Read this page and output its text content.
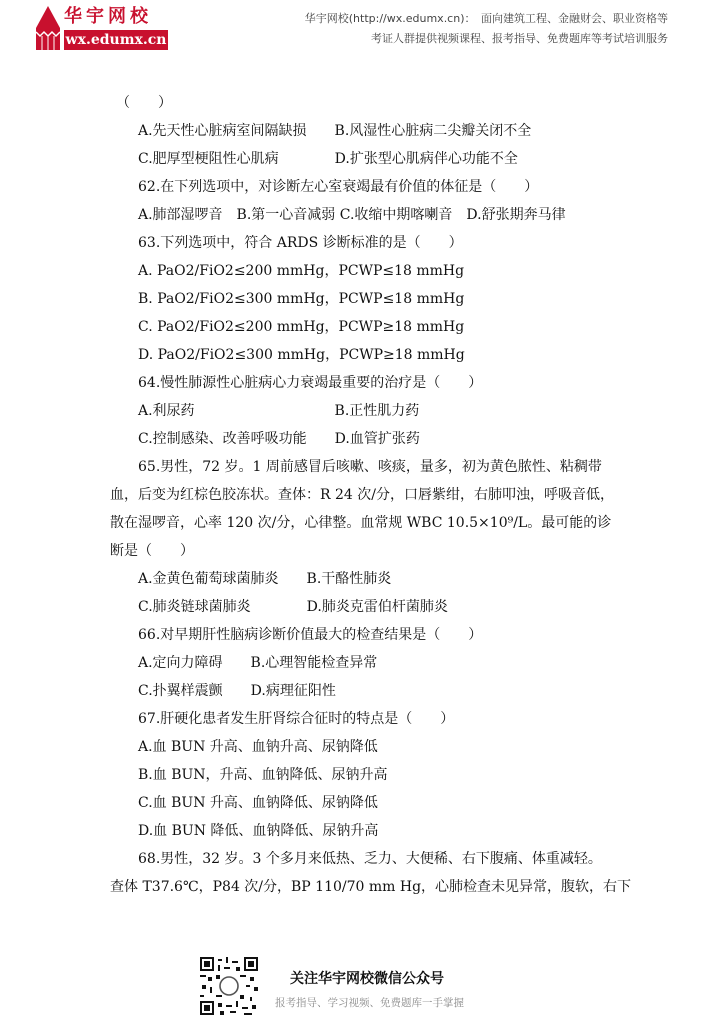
华宇网校
wx.edumx.cn
华宇网校(http://wx.edumx.cn)：　面向建筑工程、金融财会、职业资格等
考证人群提供视频课程、报考指导、免费题库等考试培训服务
（　　）
A.先天性心脏病室间隔缺损　　B.风湿性心脏病二尖瓣关闭不全
C.肥厚型梗阻性心肌病　　　　D.扩张型心肌病伴心功能不全
62.在下列选项中，对诊断左心室衰竭最有价值的体征是（　　）
A.肺部湿啰音　B.第一心音减弱 C.收缩中期喀喇音　D.舒张期奔马律
63.下列选项中，符合 ARDS 诊断标准的是（　　）
A. PaO2/FiO2≤200 mmHg，PCWP≤18 mmHg
B. PaO2/FiO2≤300 mmHg，PCWP≤18 mmHg
C. PaO2/FiO2≤200 mmHg，PCWP≥18 mmHg
D. PaO2/FiO2≤300 mmHg，PCWP≥18 mmHg
64.慢性肺源性心脏病心力衰竭最重要的治疗是（　　）
A.利尿药　　　　　　　　　　B.正性肌力药
C.控制感染、改善呼吸功能　　D.血管扩张药
65.男性，72 岁。1 周前感冒后咳嗽、咳痰，量多，初为黄色脓性、粘稠带
血，后变为红棕色胶冻状。查体：R 24 次/分，口唇紫绀，右肺叩浊，呼吸音低，
散在湿啰音，心率 120 次/分，心律整。血常规 WBC 10.5×10⁹/L。最可能的诊
断是（　　）
A.金黄色葡萄球菌肺炎　　B.干酪性肺炎
C.肺炎链球菌肺炎　　　　D.肺炎克雷伯杆菌肺炎
66.对早期肝性脑病诊断价值最大的检查结果是（　　）
A.定向力障碍　　B.心理智能检查异常
C.扑翼样震颤　　D.病理征阳性
67.肝硬化患者发生肝肾综合征时的特点是（　　）
A.血 BUN 升高、血钠升高、尿钠降低
B.血 BUN，升高、血钠降低、尿钠升高
C.血 BUN 升高、血钠降低、尿钠降低
D.血 BUN 降低、血钠降低、尿钠升高
68.男性，32 岁。3 个多月来低热、乏力、大便稀、右下腹痛、体重减轻。
查体 T37.6℃，P84 次/分，BP 110/70 mm Hg，心肺检查未见异常，腹软，右下
关注华宇网校微信公众号
报考指导、学习视频、免费题库一手掌握
